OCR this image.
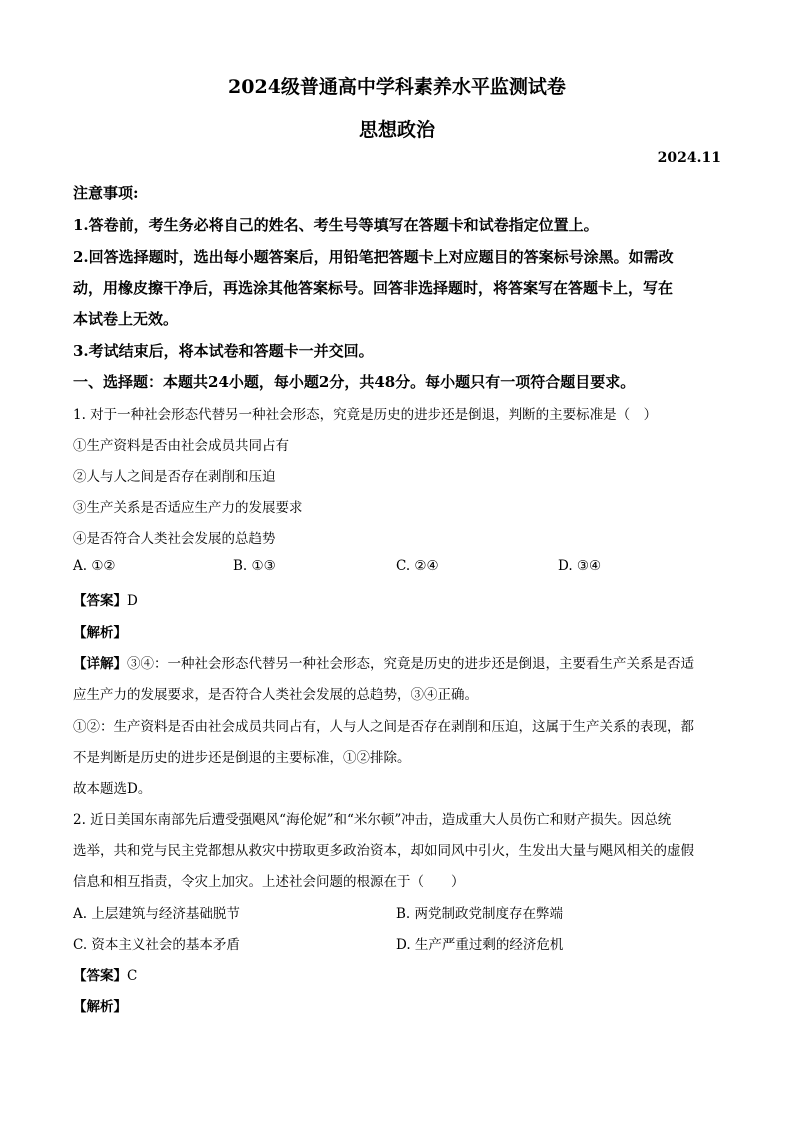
2024级普通高中学科素养水平监测试卷
思想政治
2024.11
注意事项:
1.答卷前，考生务必将自己的姓名、考生号等填写在答题卡和试卷指定位置上。
2.回答选择题时，选出每小题答案后，用铅笔把答题卡上对应题目的答案标号涂黑。如需改
动，用橡皮擦干净后，再选涂其他答案标号。回答非选择题时，将答案写在答题卡上，写在
本试卷上无效。
3.考试结束后，将本试卷和答题卡一并交回。
一、选择题：本题共24小题，每小题2分，共48分。每小题只有一项符合题目要求。
1. 对于一种社会形态代替另一种社会形态，究竟是历史的进步还是倒退，判断的主要标准是（　）
①生产资料是否由社会成员共同占有
②人与人之间是否存在剥削和压迫
③生产关系是否适应生产力的发展要求
④是否符合人类社会发展的总趋势
A. ①②	B. ①③	C. ②④	D. ③④
【答案】D
【解析】
【详解】③④：一种社会形态代替另一种社会形态，究竟是历史的进步还是倒退，主要看生产关系是否适
应生产力的发展要求，是否符合人类社会发展的总趋势，③④正确。
①②：生产资料是否由社会成员共同占有，人与人之间是否存在剥削和压迫，这属于生产关系的表现，都
不是判断是历史的进步还是倒退的主要标准，①②排除。
故本题选D。
2. 近日美国东南部先后遭受强飓风“海伦妮”和“米尔顿”冲击，造成重大人员伤亡和财产损失。因总统
选举，共和党与民主党都想从救灾中捞取更多政治资本，却如同风中引火，生发出大量与飓风相关的虚假
信息和相互指责，令灾上加灾。上述社会问题的根源在于（　　）
A. 上层建筑与经济基础脱节	B. 两党制政党制度存在弊端
C. 资本主义社会的基本矛盾	D. 生产严重过剩的经济危机
【答案】C
【解析】
